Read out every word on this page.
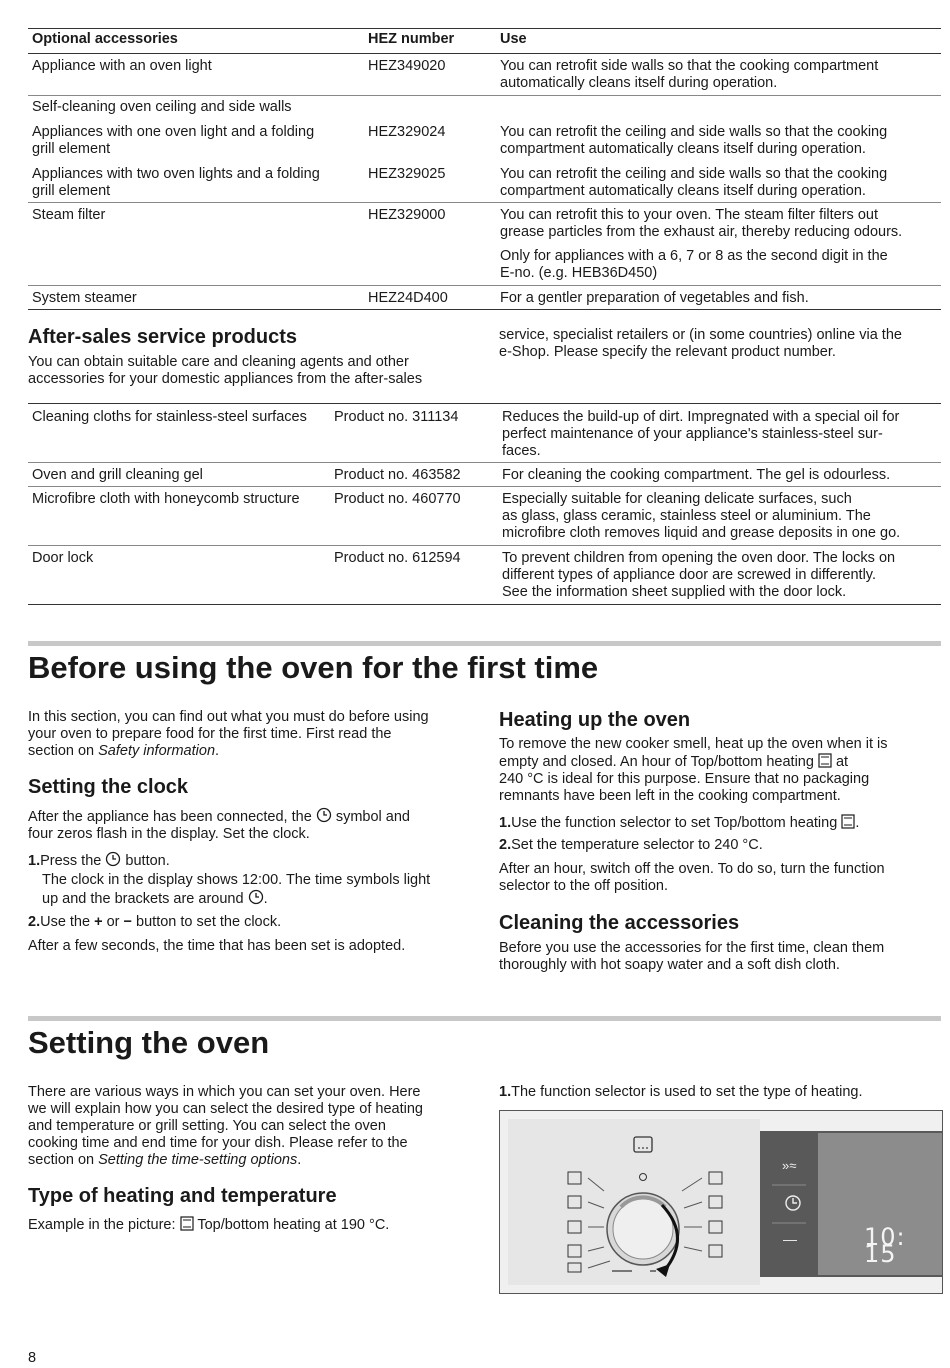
Optional accessories	HEZ number	Use
Appliance with an oven light	HEZ349020	You can retrofit side walls so that the cooking compartment
automatically cleans itself during operation.
Self-cleaning oven ceiling and side walls
Appliances with one oven light and a folding
grill element
HEZ329024	You can retrofit the ceiling and side walls so that the cooking
compartment automatically cleans itself during operation.
Appliances with two oven lights and a folding
grill element
HEZ329025	You can retrofit the ceiling and side walls so that the cooking
compartment automatically cleans itself during operation.
Steam filter	HEZ329000	You can retrofit this to your oven. The steam filter filters out
grease particles from the exhaust air, thereby reducing odours.
Only for appliances with a 6, 7 or 8 as the second digit in the
E-no. (e.g. HEB36D450)
System steamer	HEZ24D400	For a gentler preparation of vegetables and fish.
After-sales service products
You can obtain suitable care and cleaning agents and other
accessories for your domestic appliances from the after-sales
service, specialist retailers or (in some countries) online via the
e-Shop. Please specify the relevant product number.
Cleaning cloths for stainless-steel surfaces Product no. 311134	Reduces the build-up of dirt. Impregnated with a special oil for
perfect maintenance of your appliance's stainless-steel sur-
faces.
Oven and grill cleaning gel	Product no. 463582	For cleaning the cooking compartment. The gel is odourless.
Microfibre cloth with honeycomb structure Product no. 460770	Especially suitable for cleaning delicate surfaces, such
as glass, glass ceramic, stainless steel or aluminium. The
microfibre cloth removes liquid and grease deposits in one go.
Door lock	Product no. 612594	To prevent children from opening the oven door. The locks on
different types of appliance door are screwed in differently.
See the information sheet supplied with the door lock.
Before using the oven for the first time
In this section, you can find out what you must do before using
your oven to prepare food for the first time. First read the
section on Safety information.
Setting the clock
After the appliance has been connected, the symbol and
four zeros flash in the display. Set the clock.
1.Press the button.
The clock in the display shows 12:00. The time symbols light
up and the brackets are around .
2.Use the + or − button to set the clock.
After a few seconds, the time that has been set is adopted.
Heating up the oven
To remove the new cooker smell, heat up the oven when it is
empty and closed. An hour of Top/bottom heating at
240 °C is ideal for this purpose. Ensure that no packaging
remnants have been left in the cooking compartment.
1.Use the function selector to set Top/bottom heating .
2.Set the temperature selector to 240 °C.
After an hour, switch off the oven. To do so, turn the function
selector to the off position.
Cleaning the accessories
Before you use the accessories for the first time, clean them
thoroughly with hot soapy water and a soft dish cloth.
Setting the oven
There are various ways in which you can set your oven. Here
we will explain how you can select the desired type of heating
and temperature or grill setting. You can select the oven
cooking time and end time for your dish. Please refer to the
section on Setting the time-setting options.
Type of heating and temperature
Example in the picture: Top/bottom heating at 190 °C.
1.The function selector is used to set the type of heating.
»≈
—	10: 15
8
